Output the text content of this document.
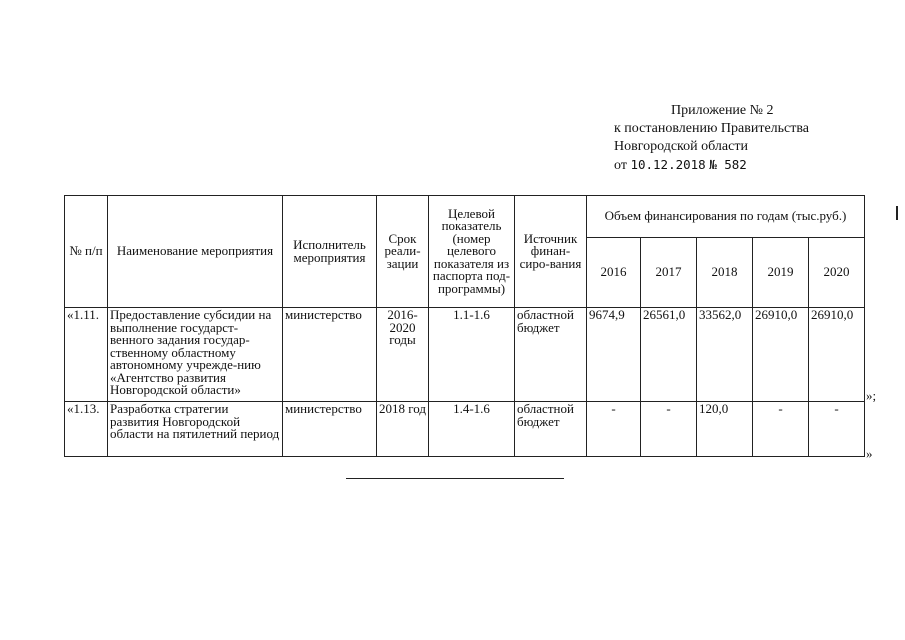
Приложение № 2
к постановлению Правительства
Новгородской области
от 10.12.2018 № 582
№ п/п	Наименование мероприятия	Исполнитель мероприятия	Срок реали-зации	Целевой показатель (номер целевого показателя из паспорта под-программы)	Источник финан-сиро-вания	Объем финансирования по годам (тыс.руб.)				
						2016	2017	2018	2019	2020
«1.11.	Предоставление субсидии на выполнение государст-венного задания государ-ственному областному автономному учрежде-нию «Агентство развития Новгородской области»	министерство	2016-2020 годы	1.1-1.6	областной бюджет	9674,9	26561,0	33562,0	26910,0	26910,0
«1.13.	Разработка стратегии развития Новгородской области на пятилетний период	министерство	2018 год	1.4-1.6	областной бюджет	-	-	120,0	-	-
»;
»
